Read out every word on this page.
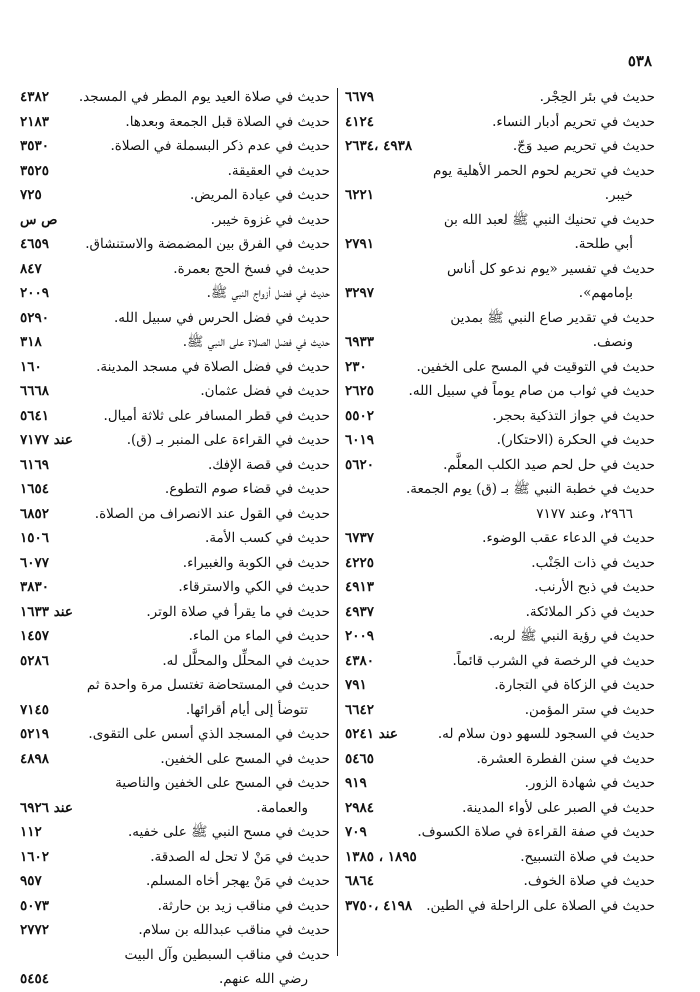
٥٣٨
حديث في بئر الحِجْر.
٦٦٧٩
حديث في تحريم أدبار النساء.
٤١٢٤
حديث في تحريم صيد وَجّ.
٤٩٣٨ ،٢٦٣٤
حديث في تحريم لحوم الحمر الأهلية يوم
خيبر.
٦٢٢١
حديث في تحنيك النبي ﷺ لعبد الله بن
أبي طلحة.
٢٧٩١
حديث في تفسير «يوم ندعو كل أناس
بإمامهم».
٣٢٩٧
حديث في تقدير صاع النبي ﷺ بمدين
ونصف.
٦٩٣٣
حديث في التوقيت في المسح على الخفين.
٢٣٠
حديث في ثواب من صام يوماً في سبيل الله.
٢٦٢٥
حديث في جواز التذكية بحجر.
٥٥٠٢
حديث في الحكرة (الاحتكار).
٦٠١٩
حديث في حل لحم صيد الكلب المعلَّم.
٥٦٢٠
حديث في خطبة النبي ﷺ بـ (ق) يوم الجمعة.
٢٩٦٦، وعند ٧١٧٧
حديث في الدعاء عقب الوضوء.
٦٧٣٧
حديث في ذات الجَنْب.
٤٢٢٥
حديث في ذبح الأرنب.
٤٩١٣
حديث في ذكر الملائكة.
٤٩٣٧
حديث في رؤية النبي ﷺ لربه.
٢٠٠٩
حديث في الرخصة في الشرب قائماً.
٤٣٨٠
حديث في الزكاة في التجارة.
٧٩١
حديث في ستر المؤمن.
٦٦٤٢
حديث في السجود للسهو دون سلام له.
عند ٥٢٤١
حديث في سنن الفطرة العشرة.
٥٤٦٥
حديث في شهادة الزور.
٩١٩
حديث في الصبر على لأواء المدينة.
٢٩٨٤
حديث في صفة القراءة في صلاة الكسوف.
٧٠٩
حديث في صلاة التسبيح.
١٨٩٥ ، ١٣٨٥
حديث في صلاة الخوف.
٦٨٦٤
حديث في الصلاة على الراحلة في الطين.
٤١٩٨ ،٣٧٥٠
حديث في صلاة العيد يوم المطر في المسجد.
٤٣٨٢
حديث في الصلاة قبل الجمعة وبعدها.
٢١٨٣
حديث في عدم ذكر البسملة في الصلاة.
٣٥٣٠
حديث في العقيقة.
٣٥٢٥
حديث في عيادة المريض.
٧٢٥
حديث في غزوة خيبر.
ص س
حديث في الفرق بين المضمضة والاستنشاق.
٤٦٥٩
حديث في فسخ الحج بعمرة.
٨٤٧
حديث في فضل أزواج النبي ﷺ.
٢٠٠٩
حديث في فضل الحرس في سبيل الله.
٥٢٩٠
حديث في فضل الصلاة على النبي ﷺ.
٣١٨
حديث في فضل الصلاة في مسجد المدينة.
١٦٠
حديث في فضل عثمان.
٦٦٦٨
حديث في قطر المسافر على ثلاثة أميال.
٥٦٤١
حديث في القراءة على المنبر بـ (ق).
عند ٧١٧٧
حديث في قصة الإفك.
٦١٦٩
حديث في قضاء صوم التطوع.
١٦٥٤
حديث في القول عند الانصراف من الصلاة.
٦٨٥٢
حديث في كسب الأمة.
١٥٠٦
حديث في الكوبة والغبيراء.
٦٠٧٧
حديث في الكي والاسترقاء.
٣٨٣٠
حديث في ما يقرأ في صلاة الوتر.
عند ١٦٣٣
حديث في الماء من الماء.
١٤٥٧
حديث في المحلِّل والمحلَّل له.
٥٢٨٦
حديث في المستحاضة تغتسل مرة واحدة ثم
تتوضأ إلى أيام أقرائها.
٧١٤٥
حديث في المسجد الذي أسس على التقوى.
٥٢١٩
حديث في المسح على الخفين.
٤٨٩٨
حديث في المسح على الخفين والناصية
والعمامة.
عند ٦٩٢٦
حديث في مسح النبي ﷺ على خفيه.
١١٢
حديث في مَنْ لا تحل له الصدقة.
١٦٠٢
حديث في مَنْ يهجر أخاه المسلم.
٩٥٧
حديث في مناقب زيد بن حارثة.
٥٠٧٣
حديث في مناقب عبدالله بن سلام.
٢٧٧٢
حديث في مناقب السبطين وآل البيت
رضي الله عنهم.
٥٤٥٤
